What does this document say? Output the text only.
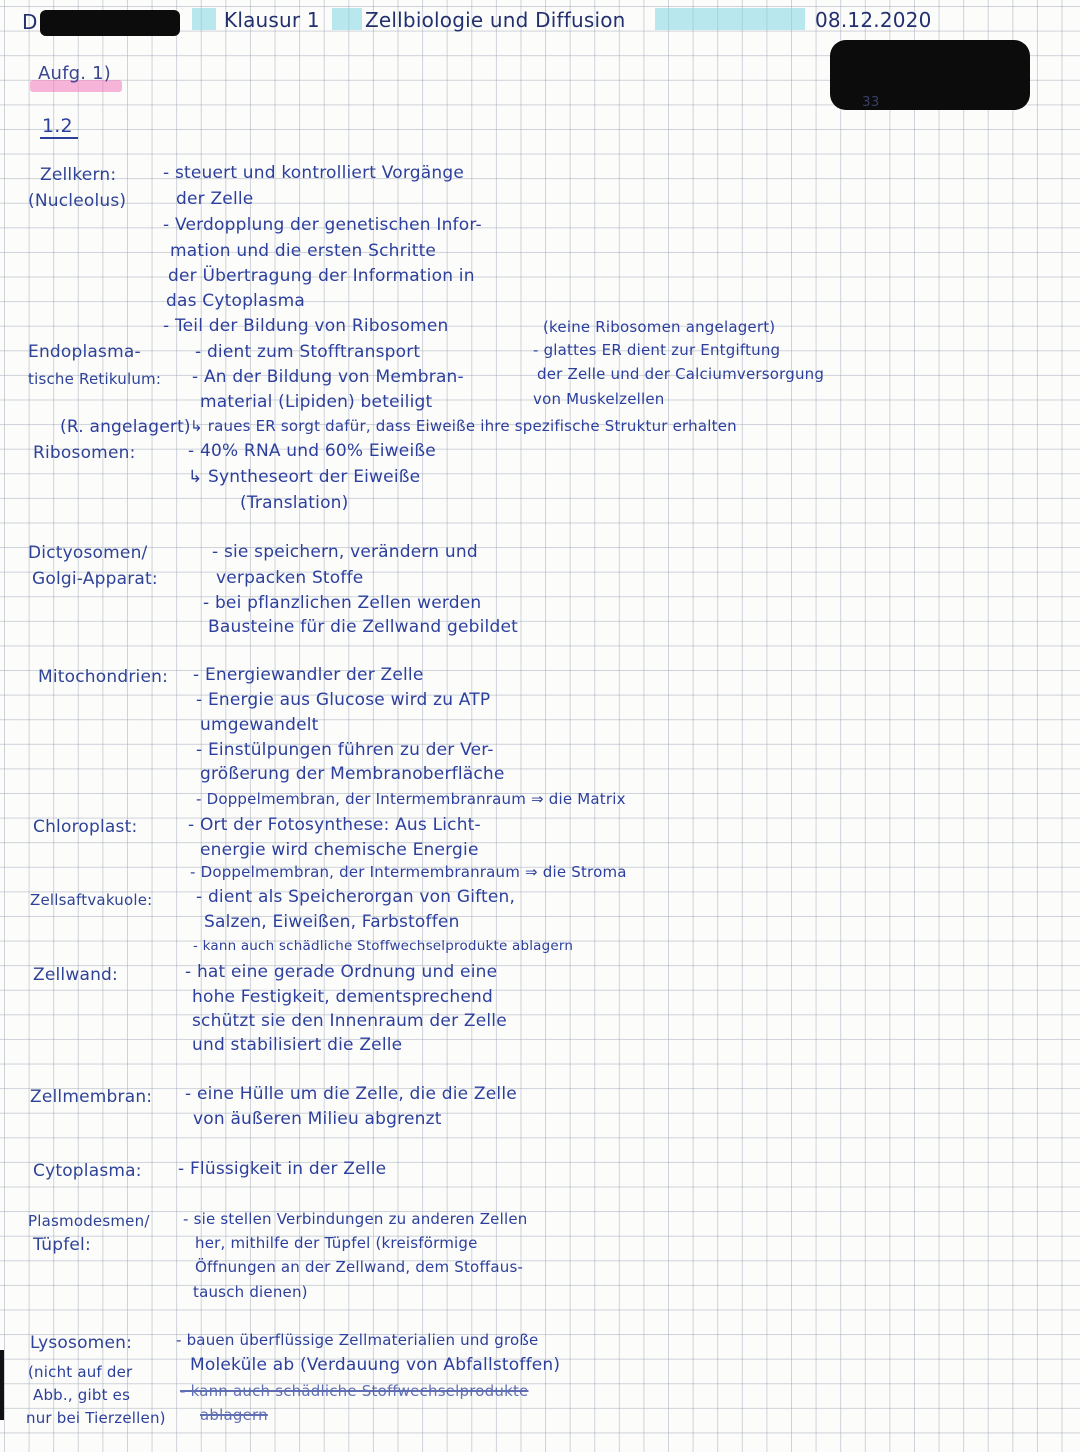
D	Klausur 1 Zellbiologie und Diffusion	08.12.2020
33
Aufg. 1)
1.2
Zellkern:
(Nucleolus)
- steuert und kontrolliert Vorgänge
der Zelle
- Verdopplung der genetischen Infor-
mation und die ersten Schritte
der Übertragung der Information in
das Cytoplasma
- Teil der Bildung von Ribosomen
Endoplasma-
tische Retikulum:
- dient zum Stofftransport
- An der Bildung von Membran-
material (Lipiden) beteiligt
(keine Ribosomen angelagert)
- glattes ER dient zur Entgiftung
der Zelle und der Calciumversorgung
von Muskelzellen
(R. angelagert) ↳ raues ER sorgt dafür, dass Eiweiße ihre spezifische Struktur erhalten
Ribosomen:	- 40% RNA und 60% Eiweiße
↳ Syntheseort der Eiweiße
(Translation)
Dictyosomen/
Golgi-Apparat:
- sie speichern, verändern und
verpacken Stoffe
- bei pflanzlichen Zellen werden
Bausteine für die Zellwand gebildet
Mitochondrien: - Energiewandler der Zelle
- Energie aus Glucose wird zu ATP
umgewandelt
- Einstülpungen führen zu der Ver-
größerung der Membranoberfläche
- Doppelmembran, der Intermembranraum ⇒ die Matrix
Chloroplast:	- Ort der Fotosynthese: Aus Licht-
energie wird chemische Energie
- Doppelmembran, der Intermembranraum ⇒ die Stroma
Zellsaftvakuole:	- dient als Speicherorgan von Giften,
Salzen, Eiweißen, Farbstoffen
- kann auch schädliche Stoffwechselprodukte ablagern
Zellwand:	- hat eine gerade Ordnung und eine
hohe Festigkeit, dementsprechend
schützt sie den Innenraum der Zelle
und stabilisiert die Zelle
Zellmembran: - eine Hülle um die Zelle, die die Zelle
von äußeren Milieu abgrenzt
Cytoplasma: - Flüssigkeit in der Zelle
Plasmodesmen/
Tüpfel:
- sie stellen Verbindungen zu anderen Zellen
her, mithilfe der Tüpfel (kreisförmige
Öffnungen an der Zellwand, dem Stoffaus-
tausch dienen)
Lysosomen:
(nicht auf der
Abb., gibt es
nur bei Tierzellen)
- bauen überflüssige Zellmaterialien und große
Moleküle ab (Verdauung von Abfallstoffen)
- kann auch schädliche Stoffwechselprodukte
ablagern
